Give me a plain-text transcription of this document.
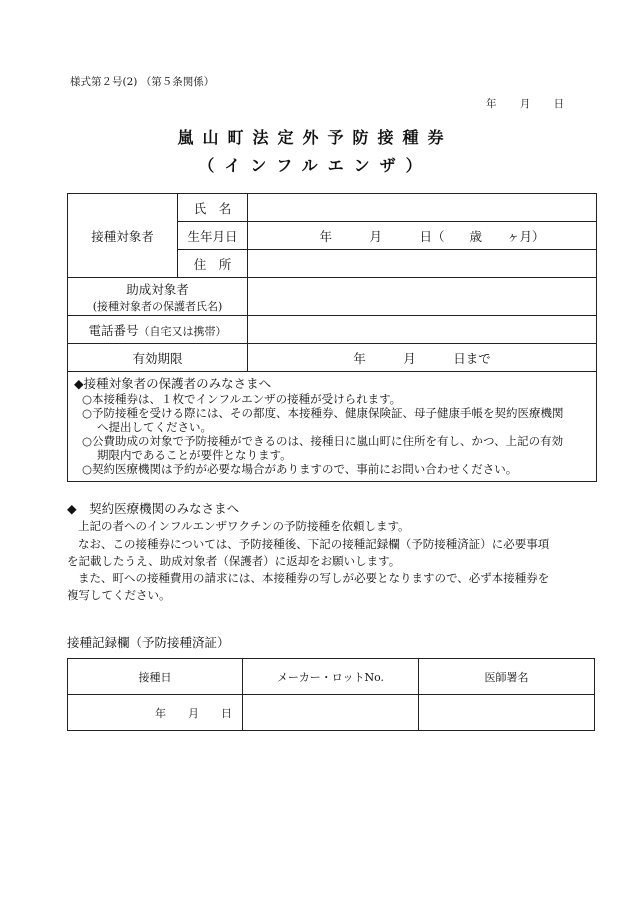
様式第２号(2) （第５条関係）
年 月 日
嵐山町法定外予防接種券
（インフルエンザ）
接種対象者	氏　名	
	生年月日	年　　　月　　　日（　　歳　　ヶ月）
	住　所	

助成対象者
(接種対象者の保護者氏名)		

電話番号（自宅又は携帯）		
有効期限		年　　　月　　　日まで
◆接種対象者の保護者のみなさまへ
○本接種券は、１枚でインフルエンザの接種が受けられます。
○予防接種を受ける際には、その都度、本接種券、健康保険証、母子健康手帳を契約医療機関
へ提出してください。
○公費助成の対象で予防接種ができるのは、接種日に嵐山町に住所を有し、かつ、上記の有効
期限内であることが要件となります。
○契約医療機関は予約が必要な場合がありますので、事前にお問い合わせください。
◆　契約医療機関のみなさまへ
上記の者へのインフルエンザワクチンの予防接種を依頼します。
なお、この接種券については、予防接種後、下記の接種記録欄（予防接種済証）に必要事項
を記載したうえ、助成対象者（保護者）に返却をお願いします。
また、町への接種費用の請求には、本接種券の写しが必要となりますので、必ず本接種券を
複写してください。
接種記録欄（予防接種済証）
接種日	メーカー・ロットNo.	医師署名
年　　月　　日		
